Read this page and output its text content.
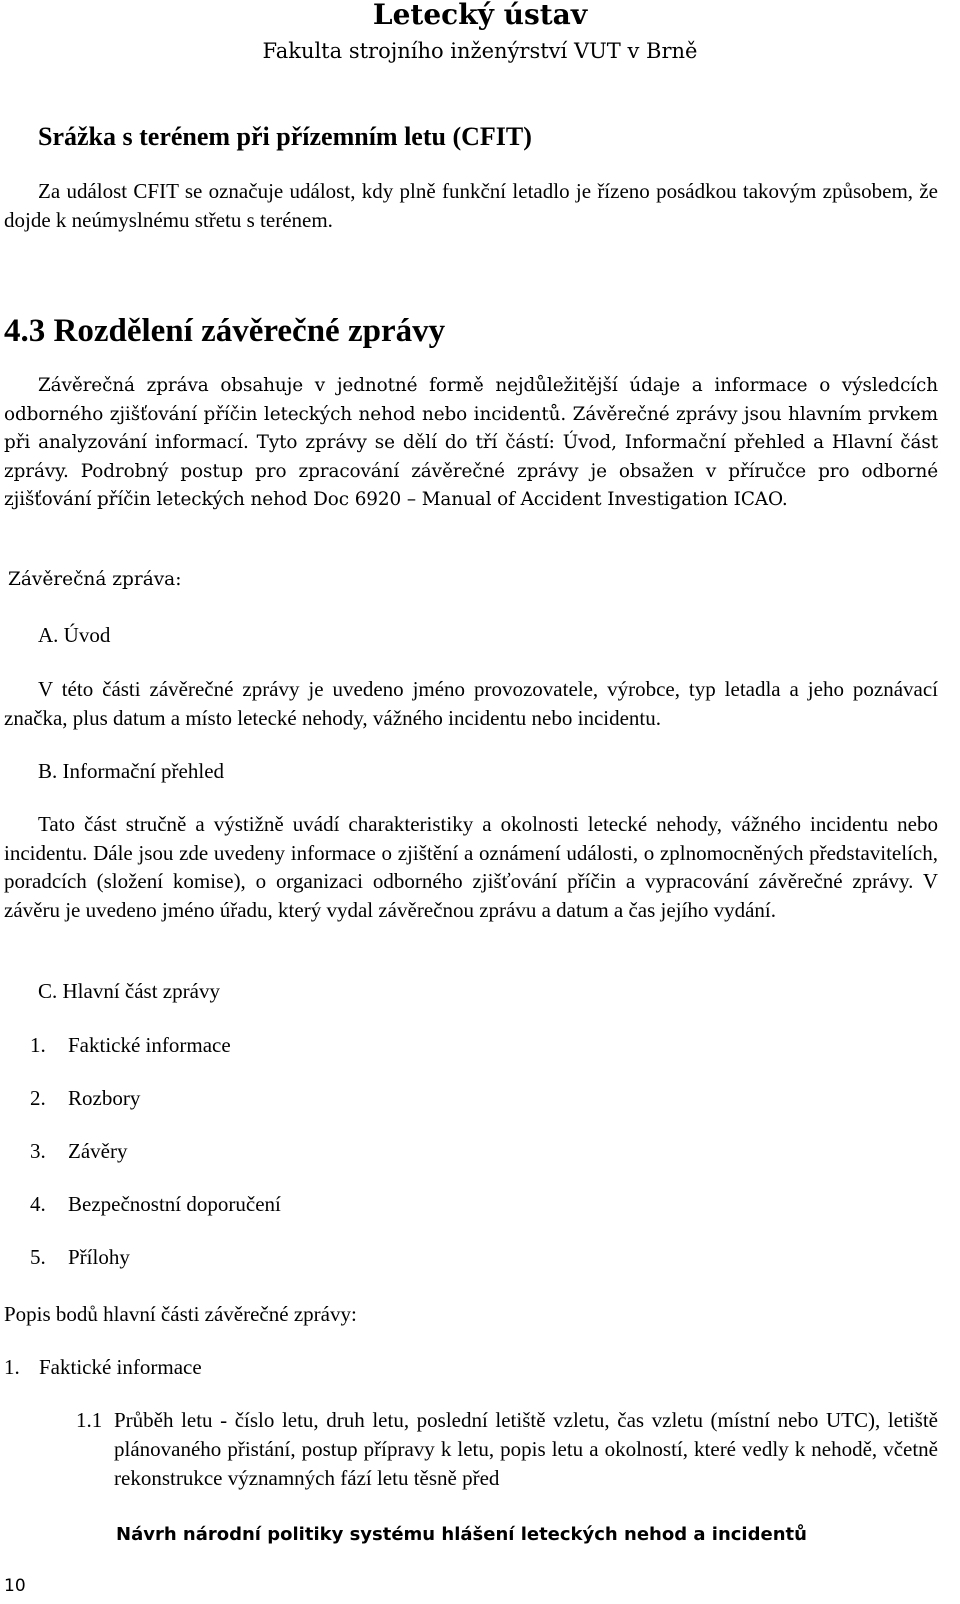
Letecký ústav
Fakulta strojního inženýrství VUT v Brně
Srážka s terénem při přízemním letu (CFIT)

Za událost CFIT se označuje událost, kdy plně funkční letadlo je řízeno posádkou takovým způsobem, že dojde k neúmyslnému střetu s terénem.

4.3 Rozdělení závěrečné zprávy

Závěrečná zpráva obsahuje v jednotné formě nejdůležitější údaje a informace o výsledcích odborného zjišťování příčin leteckých nehod nebo incidentů. Závěrečné zprávy jsou hlavním prvkem při analyzování informací. Tyto zprávy se dělí do tří částí: Úvod, Informační přehled a Hlavní část zprávy. Podrobný postup pro zpracování závěrečné zprávy je obsažen v příručce pro odborné zjišťování příčin leteckých nehod Doc 6920 – Manual of Accident Investigation ICAO.

Závěrečná zpráva:
A. Úvod

V této části závěrečné zprávy je uvedeno jméno provozovatele, výrobce, typ letadla a jeho poznávací značka, plus datum a místo letecké nehody, vážného incidentu nebo incidentu.

B. Informační přehled

Tato část stručně a výstižně uvádí charakteristiky a okolnosti letecké nehody, vážného incidentu nebo incidentu. Dále jsou zde uvedeny informace o zjištění a oznámení události, o zplnomocněných představitelích, poradcích (složení komise), o organizaci odborného zjišťování příčin a vypracování závěrečné zprávy. V závěru je uvedeno jméno úřadu, který vydal závěrečnou zprávu a datum a čas jejího vydání.

C. Hlavní část zprávy
1. Faktické informace
2. Rozbory
3. Závěry
4. Bezpečnostní doporučení
5. Přílohy
Popis bodů hlavní části závěrečné zprávy:
1. Faktické informace
1.1 Průběh letu - číslo letu, druh letu, poslední letiště vzletu, čas vzletu (místní nebo UTC), letiště plánovaného přistání, postup přípravy k letu, popis letu a okolností, které vedly k nehodě, včetně rekonstrukce významných fází letu těsně před
Návrh národní politiky systému hlášení leteckých nehod a incidentů
10
